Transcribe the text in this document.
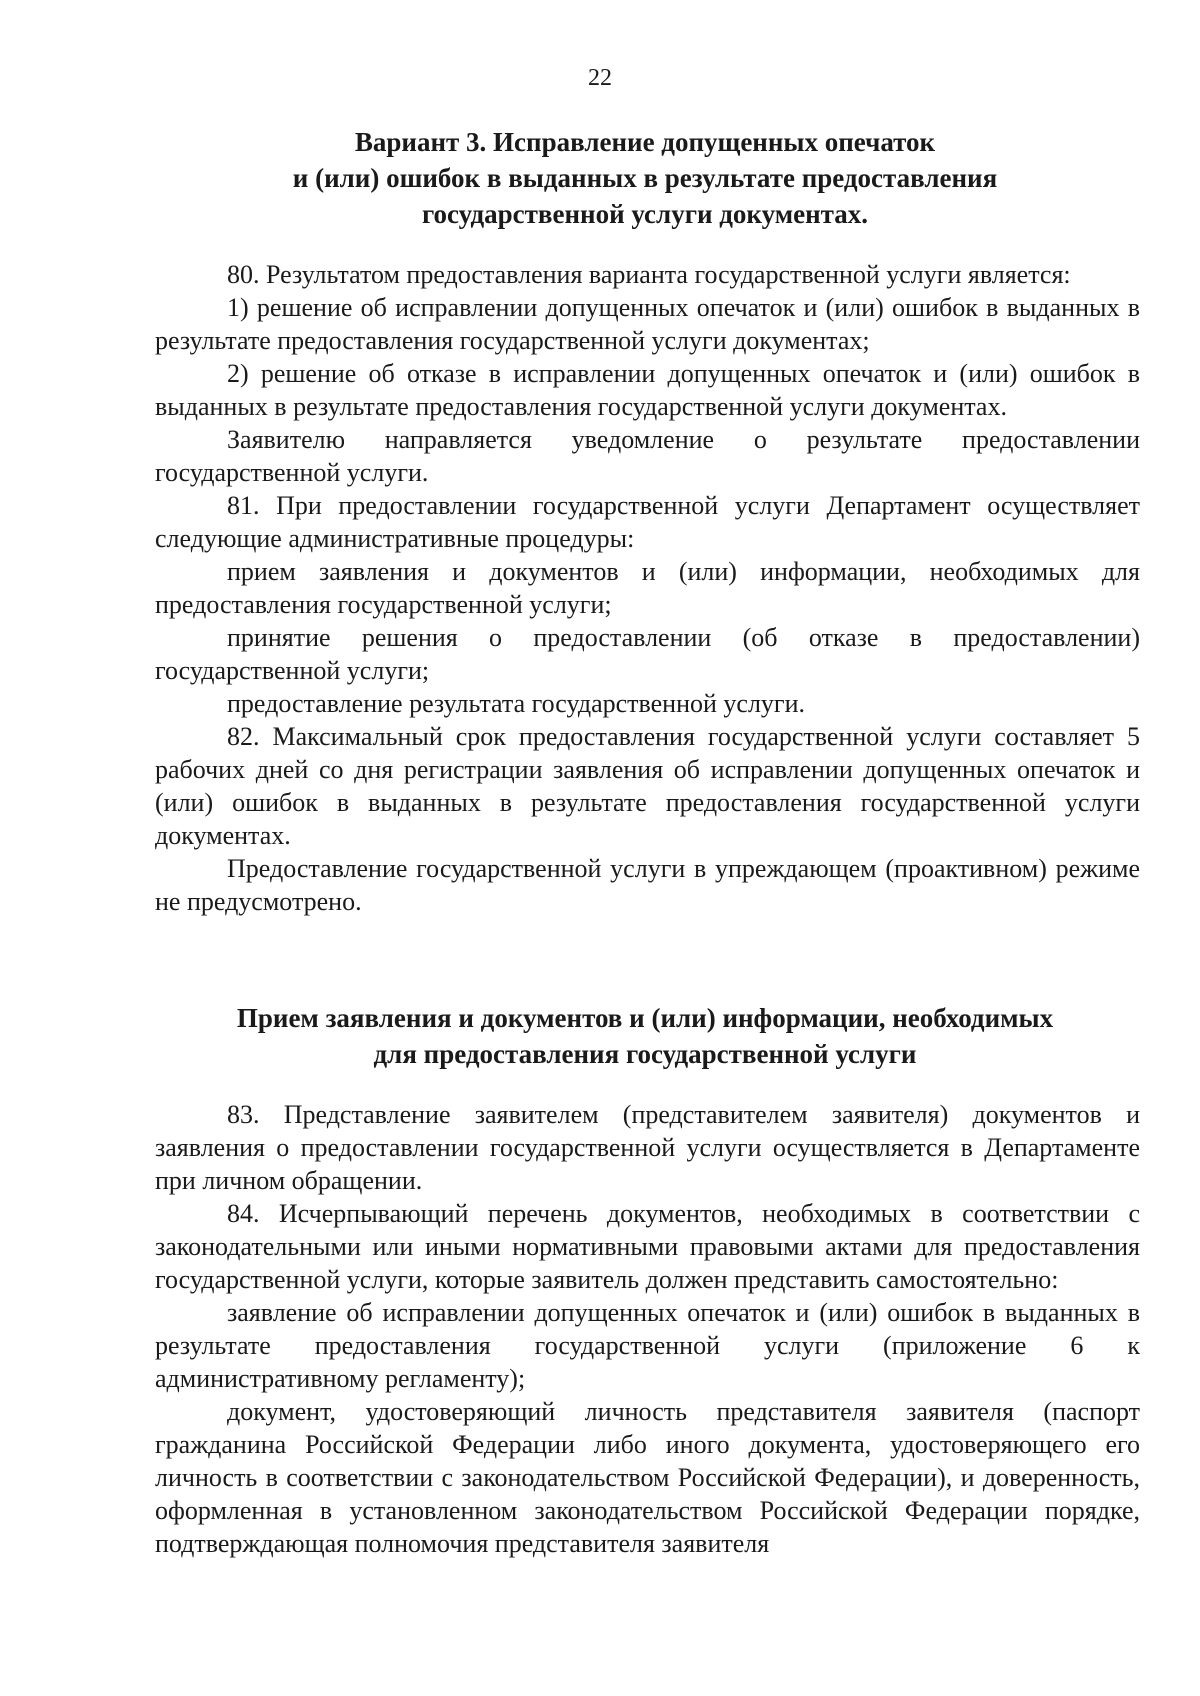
22
Вариант 3. Исправление допущенных опечаток
и (или) ошибок в выданных в результате предоставления
государственной услуги документах.

80. Результатом предоставления варианта государственной услуги является:

1) решение об исправлении допущенных опечаток и (или) ошибок в выданных в результате предоставления государственной услуги документах;

2) решение об отказе в исправлении допущенных опечаток и (или) ошибок в выданных в результате предоставления государственной услуги документах.

Заявителю направляется уведомление о результате предоставлении государственной услуги.

81. При предоставлении государственной услуги Департамент осуществляет следующие административные процедуры:

прием заявления и документов и (или) информации, необходимых для предоставления государственной услуги;

принятие решения о предоставлении (об отказе в предоставлении) государственной услуги;

предоставление результата государственной услуги.

82. Максимальный срок предоставления государственной услуги составляет 5 рабочих дней со дня регистрации заявления об исправлении допущенных опечаток и (или) ошибок в выданных в результате предоставления государственной услуги документах.

Предоставление государственной услуги в упреждающем (проактивном) режиме не предусмотрено.

Прием заявления и документов и (или) информации, необходимых
для предоставления государственной услуги

83. Представление заявителем (представителем заявителя) документов и заявления о предоставлении государственной услуги осуществляется в Департаменте при личном обращении.

84. Исчерпывающий перечень документов, необходимых в соответствии с законодательными или иными нормативными правовыми актами для предоставления государственной услуги, которые заявитель должен представить самостоятельно:

заявление об исправлении допущенных опечаток и (или) ошибок в выданных в результате предоставления государственной услуги (приложение 6 к административному регламенту);

документ, удостоверяющий личность представителя заявителя (паспорт гражданина Российской Федерации либо иного документа, удостоверяющего его личность в соответствии с законодательством Российской Федерации), и доверенность, оформленная в установленном законодательством Российской Федерации порядке, подтверждающая полномочия представителя заявителя
